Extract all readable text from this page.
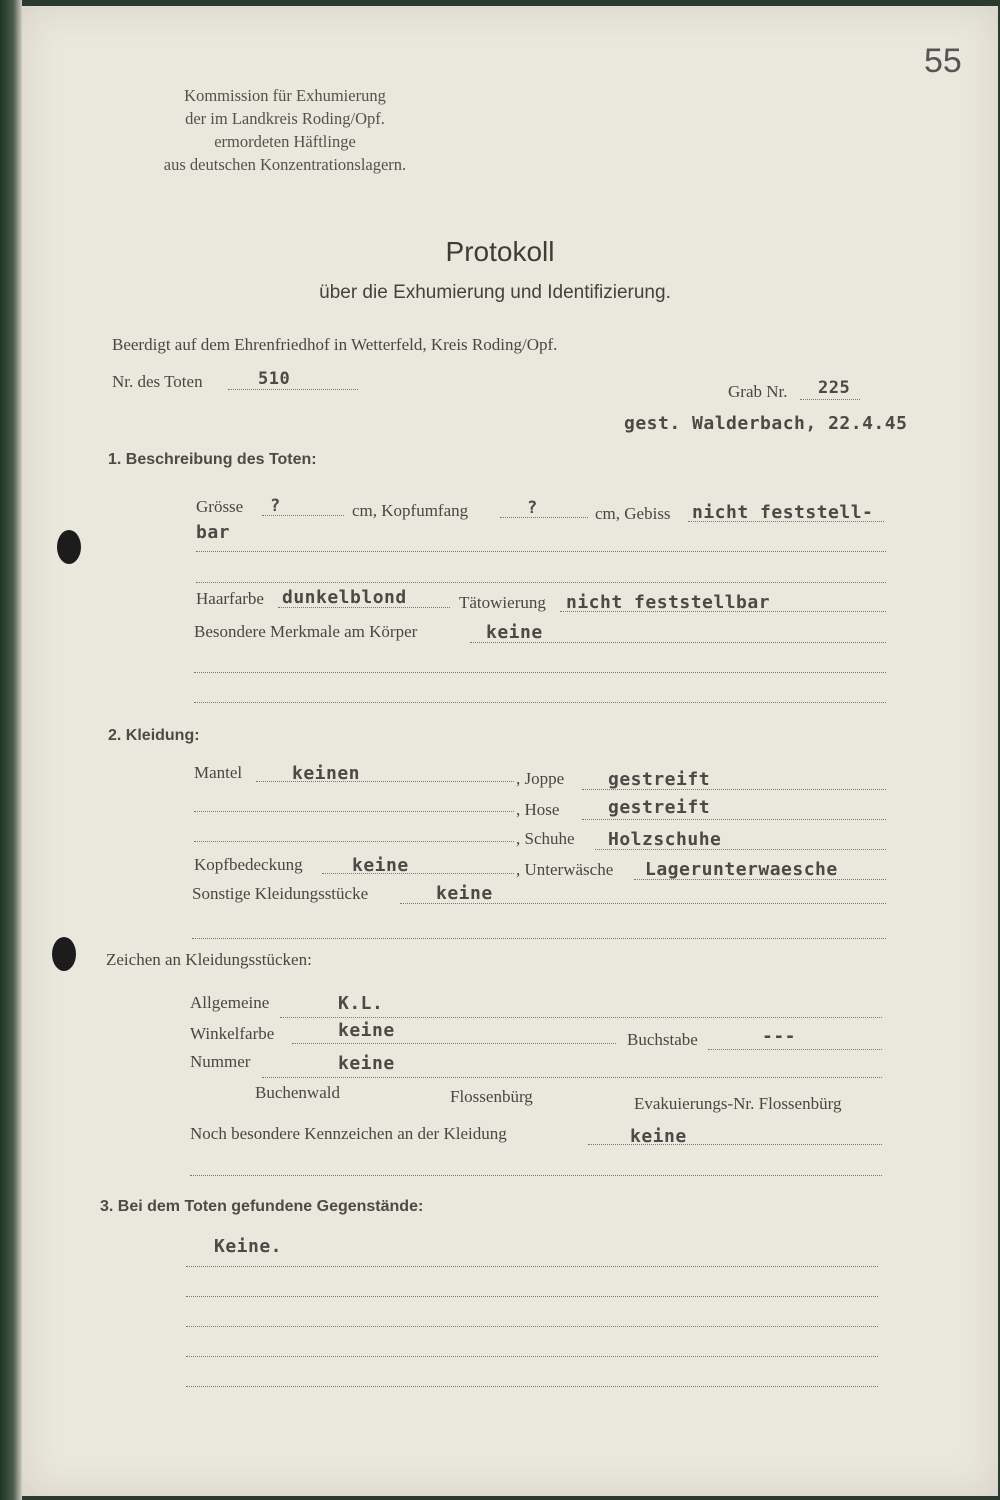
55
Kommission für Exhumierung
der im Landkreis Roding/Opf.
ermordeten Häftlinge
aus deutschen Konzentrationslagern.
Protokoll
über die Exhumierung und Identifizierung.
Beerdigt auf dem Ehrenfriedhof in Wetterfeld, Kreis Roding/Opf.
Nr. des Toten	510
Grab Nr. 225
gest. Walderbach, 22.4.45
1. Beschreibung des Toten:
Grösse ?	cm, Kopfumfang	?	cm, Gebiss nicht feststell-
bar
Haarfarbe dunkelblond	Tätowierung nicht feststellbar
Besondere Merkmale am Körper	keine
2. Kleidung:
Mantel	keinen	, Joppe gestreift
, Hose	gestreift
, Schuhe Holzschuhe
Kopfbedeckung	keine	, Unterwäsche Lagerunterwaesche
Sonstige Kleidungsstücke	keine
Zeichen an Kleidungsstücken:
Allgemeine	K.L.
Winkelfarbe	keine	Buchstabe	---
Nummer	keine
Buchenwald	Flossenbürg	Evakuierungs-Nr. Flossenbürg
Noch besondere Kennzeichen an der Kleidung	keine
3. Bei dem Toten gefundene Gegenstände:
Keine.
